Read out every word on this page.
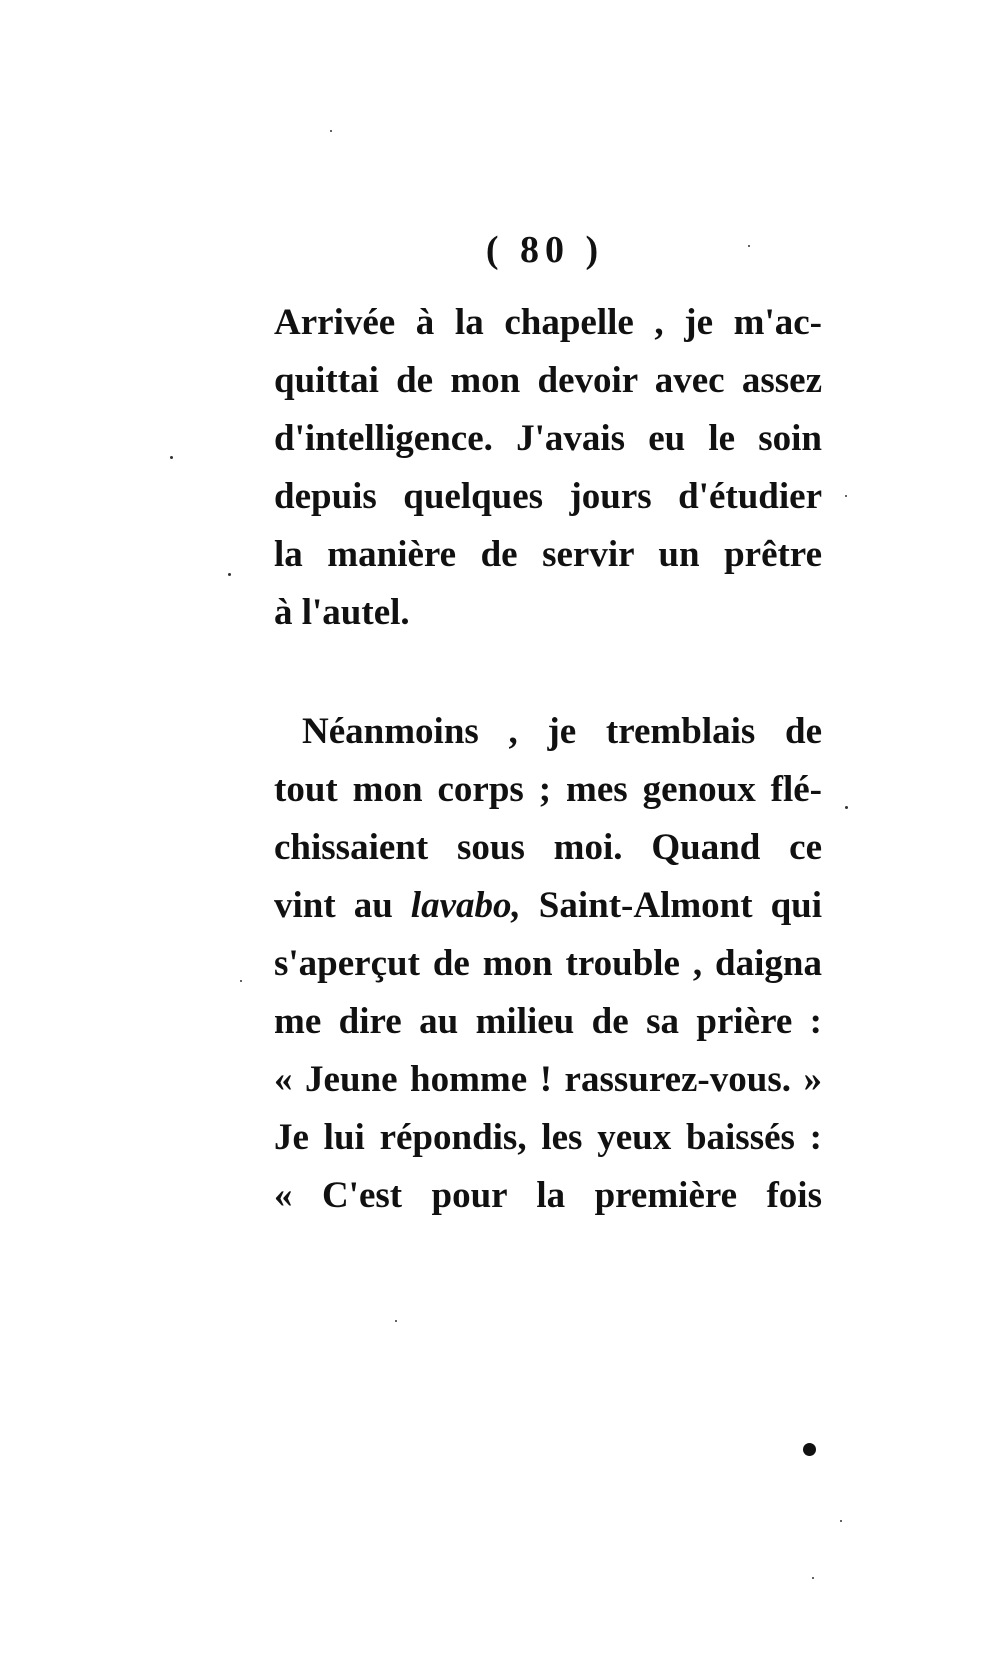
( 80 )
Arrivée à la chapelle , je m'ac-
quittai de mon devoir avec assez
d'intelligence. J'avais eu le soin
depuis quelques jours d'étudier
la manière de servir un prêtre
à l'autel.
Néanmoins , je tremblais de
tout mon corps ; mes genoux flé-
chissaient sous moi. Quand ce
vint au lavabo, Saint-Almont qui
s'aperçut de mon trouble , daigna
me dire au milieu de sa prière :
« Jeune homme ! rassurez-vous. »
Je lui répondis, les yeux baissés :
« C'est pour la première fois
